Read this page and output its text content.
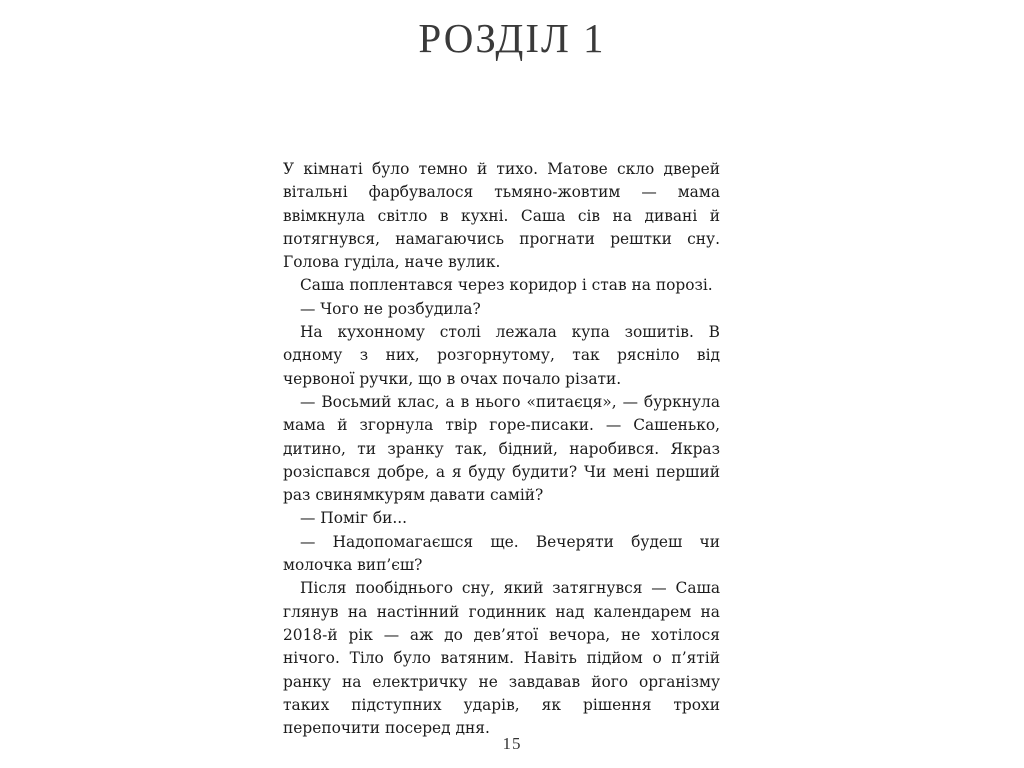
РОЗДІЛ 1

У кімнаті було темно й тихо. Матове скло дверей вітальні фарбувалося тьмяно-жовтим — мама ввімкнула світло в кухні. Саша сів на дивані й потягнувся, намагаючись прогнати рештки сну. Голова гуділа, наче вулик.

Саша поплентався через коридор і став на порозі.

— Чого не розбудила?

На кухонному столі лежала купа зошитів. В одному з них, розгорнутому, так рясніло від червоної ручки, що в очах почало різати.

— Восьмий клас, а в нього «питаєця», — буркнула мама й згорнула твір горе-писаки. — Сашенько, дитино, ти зранку так, бідний, наробився. Якраз розіспався добре, а я буду будити? Чи мені перший раз свинямкурям давати самій?

— Поміг би...

— Надопомагаєшся ще. Вечеряти будеш чи молочка вип’єш?

Після пообіднього сну, який затягнувся — Саша глянув на настінний годинник над календарем на 2018-й рік — аж до дев’ятої вечора, не хотілося нічого. Тіло було ватяним. Навіть підйом о п’ятій ранку на електричку не завдавав його організму таких підступних ударів, як рішення трохи перепочити посеред дня.

15
